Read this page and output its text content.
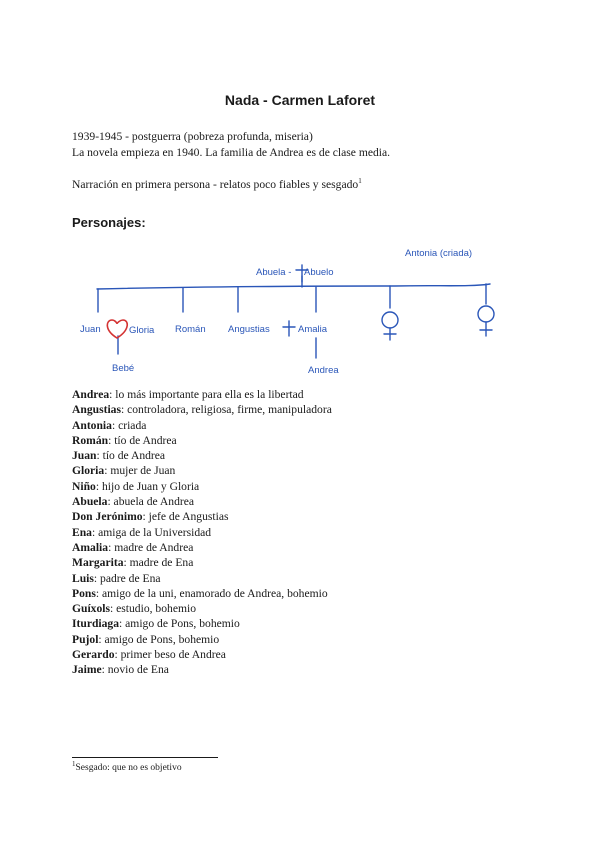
Nada - Carmen Laforet

1939-1945 - postguerra (pobreza profunda, miseria)

La novela empieza en 1940. La familia de Andrea es de clase media.

Narración en primera persona - relatos poco fiables y sesgado$^1$

Personajes:
Antonia (criada)
Abuela - Abuelo
Juan	Gloria Román Angustias	Amalia
Bebé	Andrea
Andrea: lo más importante para ella es la libertad
Angustias: controladora, religiosa, firme, manipuladora
Antonia: criada
Román: tío de Andrea
Juan: tío de Andrea
Gloria: mujer de Juan
Niño: hijo de Juan y Gloria
Abuela: abuela de Andrea
Don Jerónimo: jefe de Angustias
Ena: amiga de la Universidad
Amalia: madre de Andrea
Margarita: madre de Ena
Luis: padre de Ena
Pons: amigo de la uni, enamorado de Andrea, bohemio
Guíxols: estudio, bohemio
Iturdiaga: amigo de Pons, bohemio
Pujol: amigo de Pons, bohemio
Gerardo: primer beso de Andrea
Jaime: novio de Ena
$^1$Sesgado: que no es objetivo
